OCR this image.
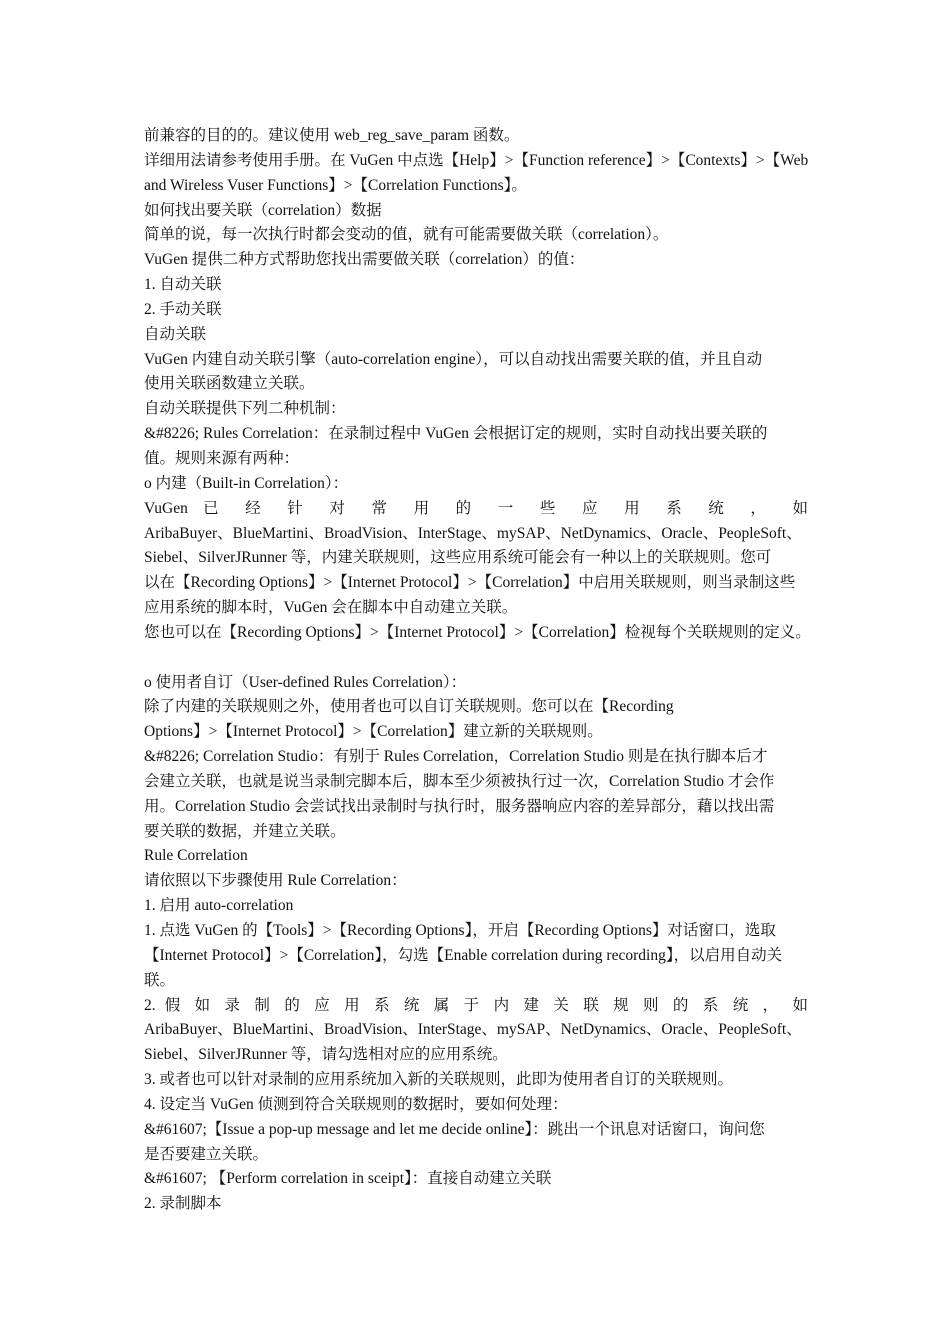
前兼容的目的的。建议使用 web_reg_save_param 函数。
详细用法请参考使用手册。在 VuGen 中点选【Help】>【Function reference】>【Contexts】>【Web
and Wireless Vuser Functions】>【Correlation Functions】。
如何找出要关联（correlation）数据
简单的说，每一次执行时都会变动的值，就有可能需要做关联（correlation）。
VuGen 提供二种方式帮助您找出需要做关联（correlation）的值：
1. 自动关联
2. 手动关联
自动关联
VuGen 内建自动关联引擎（auto-correlation engine），可以自动找出需要关联的值，并且自动
使用关联函数建立关联。
自动关联提供下列二种机制：
&#8226; Rules Correlation：在录制过程中 VuGen 会根据订定的规则，实时自动找出要关联的
值。规则来源有两种：
o 内建（Built-in Correlation）：
VuGen 已 经 针 对 常 用 的 一 些 应 用 系 统 ， 如
AribaBuyer、BlueMartini、BroadVision、InterStage、mySAP、NetDynamics、Oracle、PeopleSoft、
Siebel、SilverJRunner 等，内建关联规则，这些应用系统可能会有一种以上的关联规则。您可
以在【Recording Options】>【Internet Protocol】>【Correlation】中启用关联规则，则当录制这些
应用系统的脚本时，VuGen 会在脚本中自动建立关联。
您也可以在【Recording Options】>【Internet Protocol】>【Correlation】检视每个关联规则的定义。
o 使用者自订（User-defined Rules Correlation）：
除了内建的关联规则之外，使用者也可以自订关联规则。您可以在【Recording
Options】>【Internet Protocol】>【Correlation】建立新的关联规则。
&#8226; Correlation Studio：有别于 Rules Correlation，Correlation Studio 则是在执行脚本后才
会建立关联，也就是说当录制完脚本后，脚本至少须被执行过一次，Correlation Studio 才会作
用。Correlation Studio 会尝试找出录制时与执行时，服务器响应内容的差异部分，藉以找出需
要关联的数据，并建立关联。
Rule Correlation
请依照以下步骤使用 Rule Correlation：
1. 启用 auto-correlation
1. 点选 VuGen 的【Tools】>【Recording Options】，开启【Recording Options】对话窗口，选取
【Internet Protocol】>【Correlation】，勾选【Enable correlation during recording】，以启用自动关
联。
2. 假 如 录 制 的 应 用 系 统 属 于 内 建 关 联 规 则 的 系 统 ， 如
AribaBuyer、BlueMartini、BroadVision、InterStage、mySAP、NetDynamics、Oracle、PeopleSoft、
Siebel、SilverJRunner 等，请勾选相对应的应用系统。
3. 或者也可以针对录制的应用系统加入新的关联规则，此即为使用者自订的关联规则。
4. 设定当 VuGen 侦测到符合关联规则的数据时，要如何处理：
&#61607;【Issue a pop-up message and let me decide online】：跳出一个讯息对话窗口，询问您
是否要建立关联。
&#61607; 【Perform correlation in sceipt】：直接自动建立关联
2. 录制脚本
